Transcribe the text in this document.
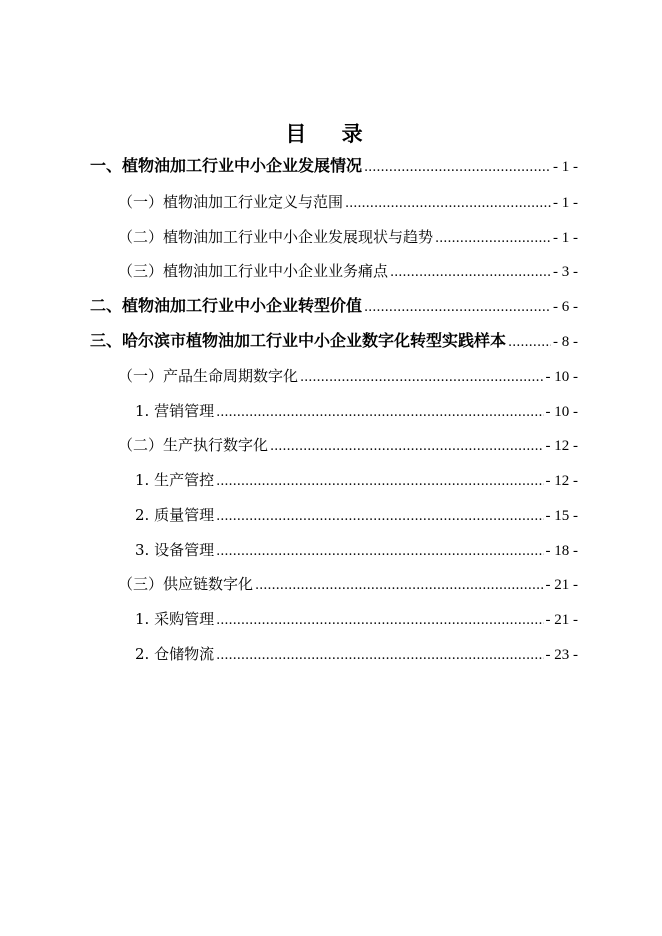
目 录
一、植物油加工行业中小企业发展情况 .....	- 1 -
（一）植物油加工行业定义与范围 .....	- 1 -
（二）植物油加工行业中小企业发展现状与趋势 .....	- 1 -
（三）植物油加工行业中小企业业务痛点 .....	- 3 -
二、植物油加工行业中小企业转型价值 .....	- 6 -
三、哈尔滨市植物油加工行业中小企业数字化转型实践样本 .....	- 8 -
（一）产品生命周期数字化 .....	- 10 -
1. 营销管理 .....	- 10 -
（二）生产执行数字化 .....	- 12 -
1. 生产管控 .....	- 12 -
2. 质量管理 .....	- 15 -
3. 设备管理 .....	- 18 -
（三）供应链数字化 .....	- 21 -
1. 采购管理 .....	- 21 -
2. 仓储物流 .....	- 23 -
